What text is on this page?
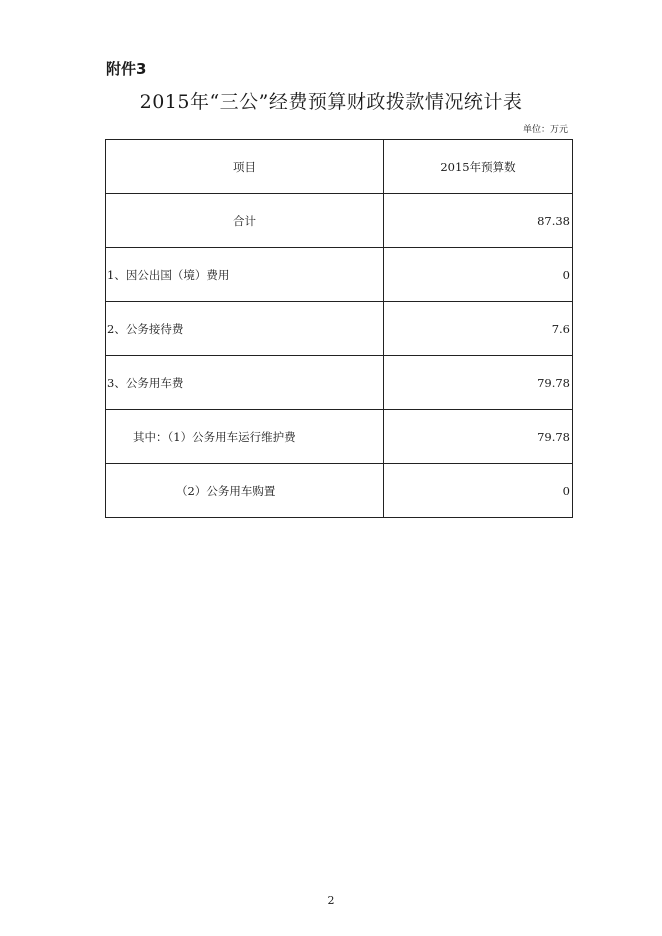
附件3
2015年“三公”经费预算财政拨款情况统计表
单位：万元
项目	2015年预算数
合计	87.38
1、因公出国（境）费用	0
2、公务接待费	7.6
3、公务用车费	79.78
其中：（1）公务用车运行维护费	79.78
（2）公务用车购置	0
2
